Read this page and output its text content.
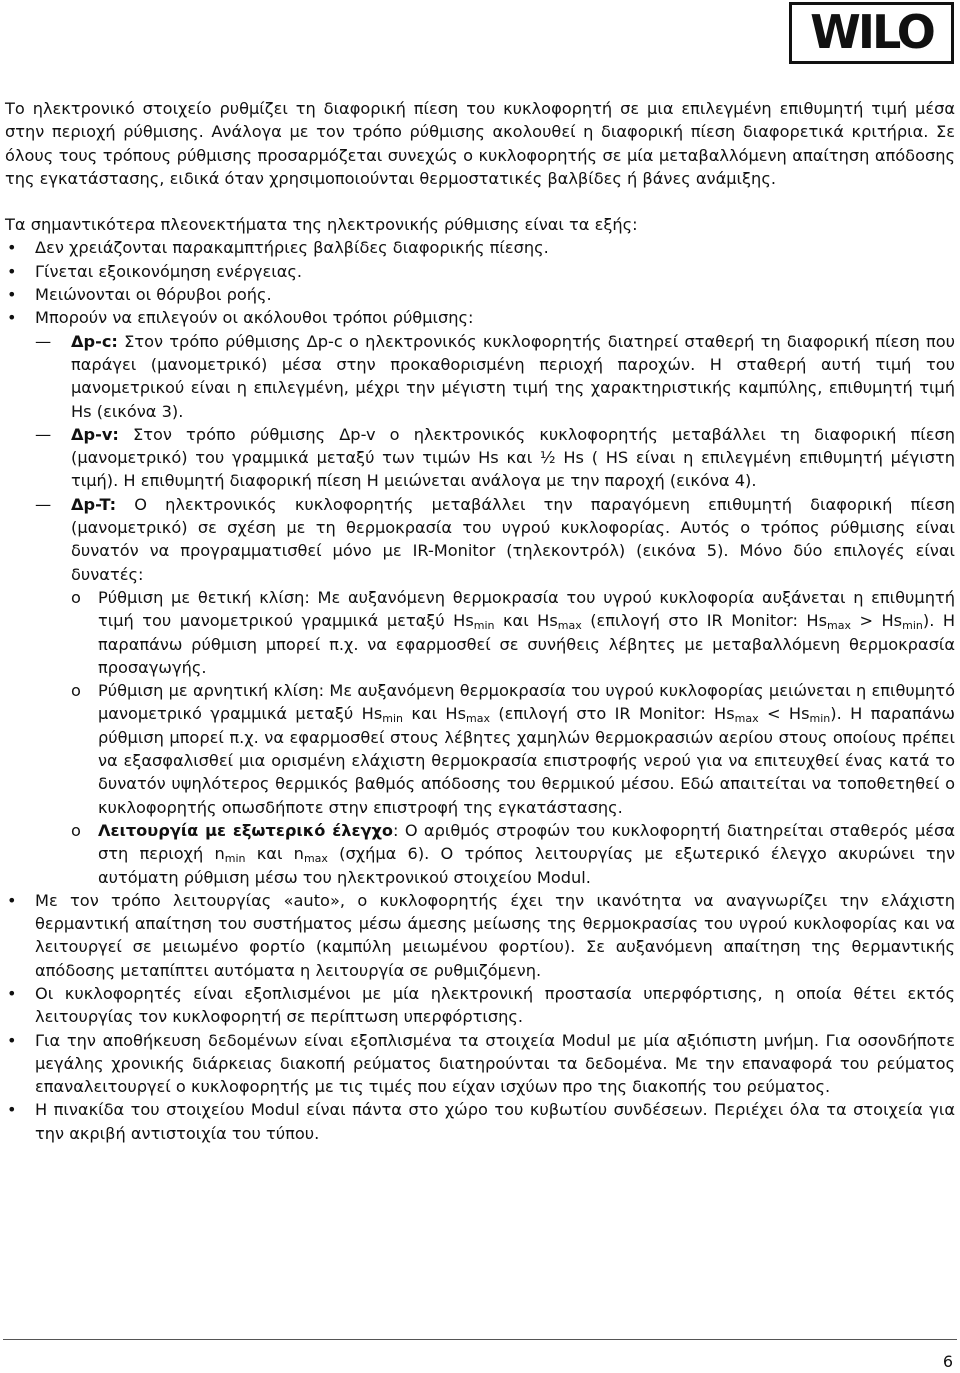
WILO

Το ηλεκτρονικό στοιχείο ρυθμίζει τη διαφορική πίεση του κυκλοφορητή σε μια επιλεγμένη επιθυμητή τιμή μέσα στην περιοχή ρύθμισης. Ανάλογα με τον τρόπο ρύθμισης ακολουθεί η διαφορική πίεση διαφορετικά κριτήρια. Σε όλους τους τρόπους ρύθμισης προσαρμόζεται συνεχώς ο κυκλοφορητής σε μία μεταβαλλόμενη απαίτηση απόδοσης της εγκατάστασης, ειδικά όταν χρησιμοποιούνται θερμοστατικές βαλβίδες ή βάνες ανάμιξης.

Τα σημαντικότερα πλεονεκτήματα της ηλεκτρονικής ρύθμισης είναι τα εξής:

• Δεν χρειάζονται παρακαμπτήριες βαλβίδες διαφορικής πίεσης.
• Γίνεται εξοικονόμηση ενέργειας.
• Μειώνονται οι θόρυβοι ροής.
• Μπορούν να επιλεγούν οι ακόλουθοι τρόποι ρύθμισης:
— Δp-c: Στον τρόπο ρύθμισης Δp-c ο ηλεκτρονικός κυκλοφορητής διατηρεί σταθερή τη διαφορική πίεση που παράγει (μανομετρικό) μέσα στην προκαθορισμένη περιοχή παροχών. Η σταθερή αυτή τιμή του μανομετρικού είναι η επιλεγμένη, μέχρι την μέγιστη τιμή της χαρακτηριστικής καμπύλης, επιθυμητή τιμή Hs (εικόνα 3).
— Δp-v: Στον τρόπο ρύθμισης Δp-v ο ηλεκτρονικός κυκλοφορητής μεταβάλλει τη διαφορική πίεση (μανομετρικό) του γραμμικά μεταξύ των τιμών Hs και ½ Hs ( HS είναι η επιλεγμένη επιθυμητή μέγιστη τιμή). Η επιθυμητή διαφορική πίεση H μειώνεται ανάλογα με την παροχή (εικόνα 4).
— Δp-T: Ο ηλεκτρονικός κυκλοφορητής μεταβάλλει την παραγόμενη επιθυμητή διαφορική πίεση (μανομετρικό) σε σχέση με τη θερμοκρασία του υγρού κυκλοφορίας. Αυτός ο τρόπος ρύθμισης είναι δυνατόν να προγραμματισθεί μόνο με IR-Monitor (τηλεκοντρόλ) (εικόνα 5). Μόνο δύο επιλογές είναι δυνατές:
o Ρύθμιση με θετική κλίση: Με αυξανόμενη θερμοκρασία του υγρού κυκλοφορία αυξάνεται η επιθυμητή τιμή του μανομετρικού γραμμικά μεταξύ $Hs_{min}$ και $Hs_{max}$ (επιλογή στο IR Monitor: $Hs_{max} > Hs_{min}$). Η παραπάνω ρύθμιση μπορεί π.χ. να εφαρμοσθεί σε συνήθεις λέβητες με μεταβαλλόμενη θερμοκρασία προσαγωγής.
o Ρύθμιση με αρνητική κλίση: Με αυξανόμενη θερμοκρασία του υγρού κυκλοφορίας μειώνεται η επιθυμητό μανομετρικό γραμμικά μεταξύ $Hs_{min}$ και $Hs_{max}$ (επιλογή στο IR Monitor: $Hs_{max} < Hs_{min}$). Η παραπάνω ρύθμιση μπορεί π.χ. να εφαρμοσθεί στους λέβητες χαμηλών θερμοκρασιών αερίου στους οποίους πρέπει να εξασφαλισθεί μια ορισμένη ελάχιστη θερμοκρασία επιστροφής νερού για να επιτευχθεί ένας κατά το δυνατόν υψηλότερος θερμικός βαθμός απόδοσης του θερμικού μέσου. Εδώ απαιτείται να τοποθετηθεί ο κυκλοφορητής οπωσδήποτε στην επιστροφή της εγκατάστασης.
o Λειτουργία με εξωτερικό έλεγχο: Ο αριθμός στροφών του κυκλοφορητή διατηρείται σταθερός μέσα στη περιοχή $n_{min}$ και $n_{max}$ (σχήμα 6). Ο τρόπος λειτουργίας με εξωτερικό έλεγχο ακυρώνει την αυτόματη ρύθμιση μέσω του ηλεκτρονικού στοιχείου Modul.
• Με τον τρόπο λειτουργίας «auto», ο κυκλοφορητής έχει την ικανότητα να αναγνωρίζει την ελάχιστη θερμαντική απαίτηση του συστήματος μέσω άμεσης μείωσης της θερμοκρασίας του υγρού κυκλοφορίας και να λειτουργεί σε μειωμένο φορτίο (καμπύλη μειωμένου φορτίου). Σε αυξανόμενη απαίτηση της θερμαντικής απόδοσης μεταπίπτει αυτόματα η λειτουργία σε ρυθμιζόμενη.
• Οι κυκλοφορητές είναι εξοπλισμένοι με μία ηλεκτρονική προστασία υπερφόρτισης, η οποία θέτει εκτός λειτουργίας τον κυκλοφορητή σε περίπτωση υπερφόρτισης.
• Για την αποθήκευση δεδομένων είναι εξοπλισμένα τα στοιχεία Modul με μία αξιόπιστη μνήμη. Για οσονδήποτε μεγάλης χρονικής διάρκειας διακοπή ρεύματος διατηρούνται τα δεδομένα. Με την επαναφορά του ρεύματος επαναλειτουργεί ο κυκλοφορητής με τις τιμές που είχαν ισχύων προ της διακοπής του ρεύματος.
• Η πινακίδα του στοιχείου Modul είναι πάντα στο χώρο του κυβωτίου συνδέσεων. Περιέχει όλα τα στοιχεία για την ακριβή αντιστοιχία του τύπου.
6
